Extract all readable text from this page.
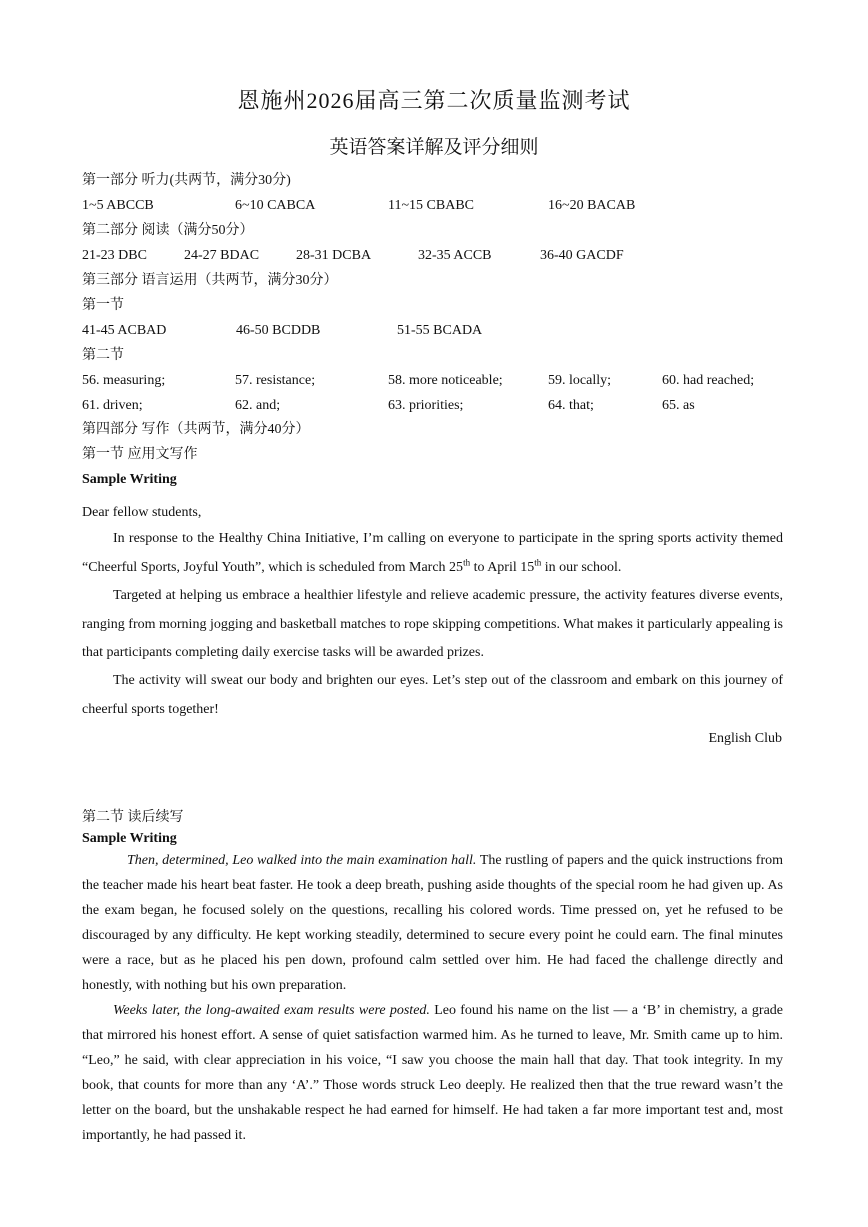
恩施州2026届高三第二次质量监测考试
英语答案详解及评分细则
第一部分 听力(共两节，满分30分)
1~5 ABCCB	6~10 CABCA	11~15 CBABC	16~20 BACAB
第二部分 阅读（满分50分）
21-23 DBC	24-27 BDAC	28-31 DCBA	32-35 ACCB	36-40 GACDF
第三部分 语言运用（共两节，满分30分）
第一节
41-45 ACBAD	46-50 BCDDB	51-55 BCADA
第二节
56. measuring;	57. resistance;	58. more noticeable;	59. locally;	60. had reached;
61. driven;	62. and;	63. priorities;	64. that;	65. as
第四部分 写作（共两节，满分40分）
第一节 应用文写作
Sample Writing
Dear fellow students,
In response to the Healthy China Initiative, I’m calling on everyone to participate in the spring sports activity themed “Cheerful Sports, Joyful Youth”, which is scheduled from March 25th to April 15th in our school.
Targeted at helping us embrace a healthier lifestyle and relieve academic pressure, the activity features diverse events, ranging from morning jogging and basketball matches to rope skipping competitions. What makes it particularly appealing is that participants completing daily exercise tasks will be awarded prizes.
The activity will sweat our body and brighten our eyes. Let’s step out of the classroom and embark on this journey of cheerful sports together!
English Club
第二节 读后续写
Sample Writing
Then, determined, Leo walked into the main examination hall. The rustling of papers and the quick instructions from the teacher made his heart beat faster. He took a deep breath, pushing aside thoughts of the special room he had given up. As the exam began, he focused solely on the questions, recalling his colored words. Time pressed on, yet he refused to be discouraged by any difficulty. He kept working steadily, determined to secure every point he could earn. The final minutes were a race, but as he placed his pen down, profound calm settled over him. He had faced the challenge directly and honestly, with nothing but his own preparation.
Weeks later, the long-awaited exam results were posted. Leo found his name on the list — a ‘B’ in chemistry, a grade that mirrored his honest effort. A sense of quiet satisfaction warmed him. As he turned to leave, Mr. Smith came up to him. “Leo,” he said, with clear appreciation in his voice, “I saw you choose the main hall that day. That took integrity. In my book, that counts for more than any ‘A’.” Those words struck Leo deeply. He realized then that the true reward wasn’t the letter on the board, but the unshakable respect he had earned for himself. He had taken a far more important test and, most importantly, he had passed it.
